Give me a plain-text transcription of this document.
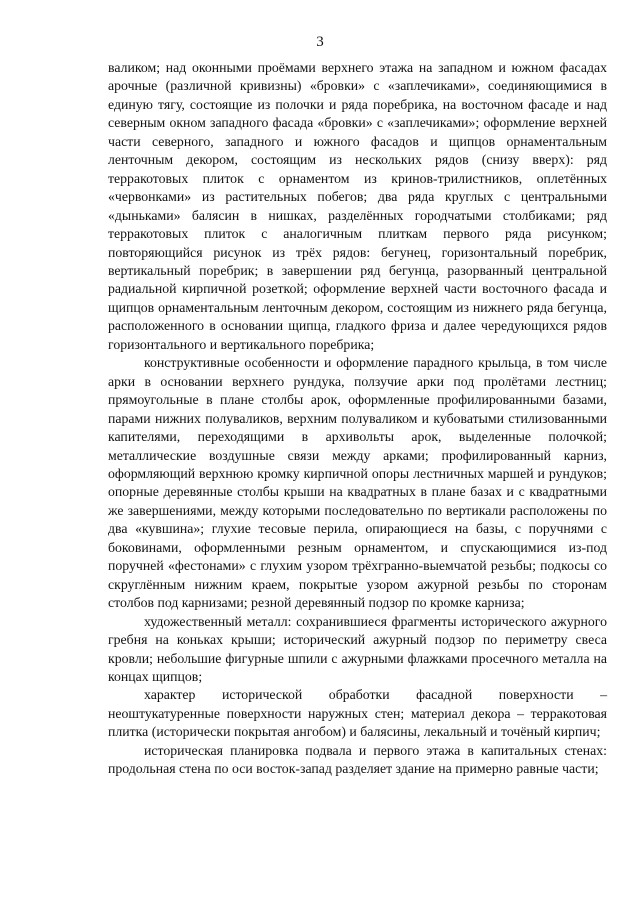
3

валиком; над оконными проёмами верхнего этажа на западном и южном фасадах арочные (различной кривизны) «бровки» с «заплечиками», соединяющимися в единую тягу, состоящие из полочки и ряда поребрика, на восточном фасаде и над северным окном западного фасада «бровки» с «заплечиками»; оформление верхней части северного, западного и южного фасадов и щипцов орнаментальным ленточным декором, состоящим из нескольких рядов (снизу вверх): ряд терракотовых плиток с орнаментом из кринов-трилистников, оплетённых «червонками» из растительных побегов; два ряда круглых с центральными «дыньками» балясин в нишках, разделённых городчатыми столбиками; ряд терракотовых плиток с аналогичным плиткам первого ряда рисунком; повторяющийся рисунок из трёх рядов: бегунец, горизонтальный поребрик, вертикальный поребрик; в завершении ряд бегунца, разорванный центральной радиальной кирпичной розеткой; оформление верхней части восточного фасада и щипцов орнаментальным ленточным декором, состоящим из нижнего ряда бегунца, расположенного в основании щипца, гладкого фриза и далее чередующихся рядов горизонтального и вертикального поребрика;

конструктивные особенности и оформление парадного крыльца, в том числе арки в основании верхнего рундука, ползучие арки под пролётами лестниц; прямоугольные в плане столбы арок, оформленные профилированными базами, парами нижних полуваликов, верхним полуваликом и кубоватыми стилизованными капителями, переходящими в архивольты арок, выделенные полочкой; металлические воздушные связи между арками; профилированный карниз, оформляющий верхнюю кромку кирпичной опоры лестничных маршей и рундуков; опорные деревянные столбы крыши на квадратных в плане базах и с квадратными же завершениями, между которыми последовательно по вертикали расположены по два «кувшина»; глухие тесовые перила, опирающиеся на базы, с поручнями с боковинами, оформленными резным орнаментом, и спускающимися из-под поручней «фестонами» с глухим узором трёхгранно-выемчатой резьбы; подкосы со скруглённым нижним краем, покрытые узором ажурной резьбы по сторонам столбов под карнизами; резной деревянный подзор по кромке карниза;

художественный металл: сохранившиеся фрагменты исторического ажурного гребня на коньках крыши; исторический ажурный подзор по периметру свеса кровли; небольшие фигурные шпили с ажурными флажками просечного металла на концах щипцов;

характер исторической обработки фасадной поверхности – неоштукатуренные поверхности наружных стен; материал декора – терракотовая плитка (исторически покрытая ангобом) и балясины, лекальный и точёный кирпич;

историческая планировка подвала и первого этажа в капитальных стенах: продольная стена по оси восток-запад разделяет здание на примерно равные части;
